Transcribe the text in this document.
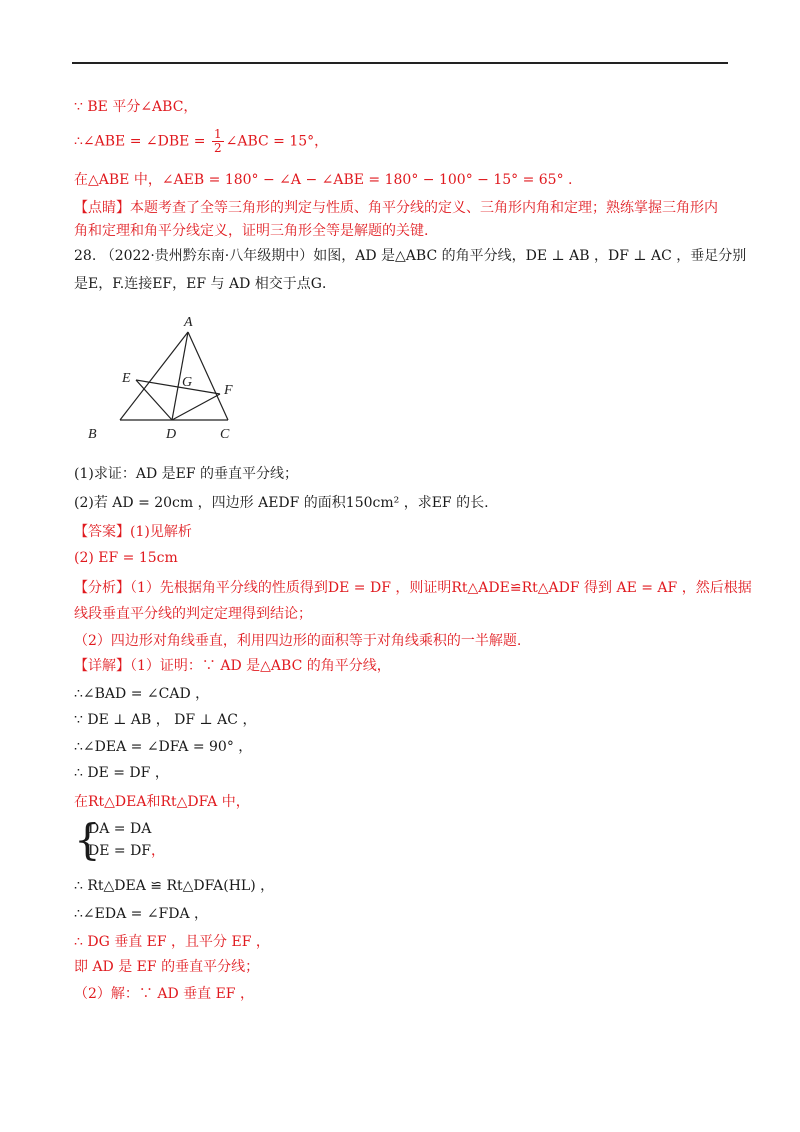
∵ BE 平分∠ABC，
∴∠ABE = ∠DBE = $\frac{1}{2}$ ∠ABC = 15°，
在△ABE 中，∠AEB = 180° − ∠A − ∠ABE = 180° − 100° − 15° = 65° .
【点睛】本题考查了全等三角形的判定与性质、角平分线的定义、三角形内角和定理；熟练掌握三角形内
角和定理和角平分线定义，证明三角形全等是解题的关键.
28. （2022·贵州黔东南·八年级期中）如图，AD 是△ABC 的角平分线，DE ⊥ AB ，DF ⊥ AC ，垂足分别
是E，F.连接EF，EF 与 AD 相交于点G．
A
B	C
D
E
F
G
(1)求证：AD 是EF 的垂直平分线；
(2)若 AD = 20cm ，四边形 AEDF 的面积150cm² ，求EF 的长.
【答案】(1)见解析
(2) EF = 15cm
【分析】（1）先根据角平分线的性质得到DE = DF ，则证明Rt△ADE≌Rt△ADF 得到 AE = AF ，然后根据
线段垂直平分线的判定定理得到结论；
（2）四边形对角线垂直，利用四边形的面积等于对角线乘积的一半解题.
【详解】（1）证明：∵ AD 是△ABC 的角平分线，
∴∠BAD = ∠CAD ，
∵ DE ⊥ AB ， DF ⊥ AC ，
∴∠DEA = ∠DFA = 90° ，
∴ DE = DF ，
在Rt△DEA和Rt△DFA 中，
{
DA = DA
DE = DF，
∴ Rt△DEA ≌ Rt△DFA(HL) ，
∴∠EDA = ∠FDA ，
∴ DG 垂直 EF ，且平分 EF ，
即 AD 是 EF 的垂直平分线；
（2）解：∵ AD 垂直 EF ，
